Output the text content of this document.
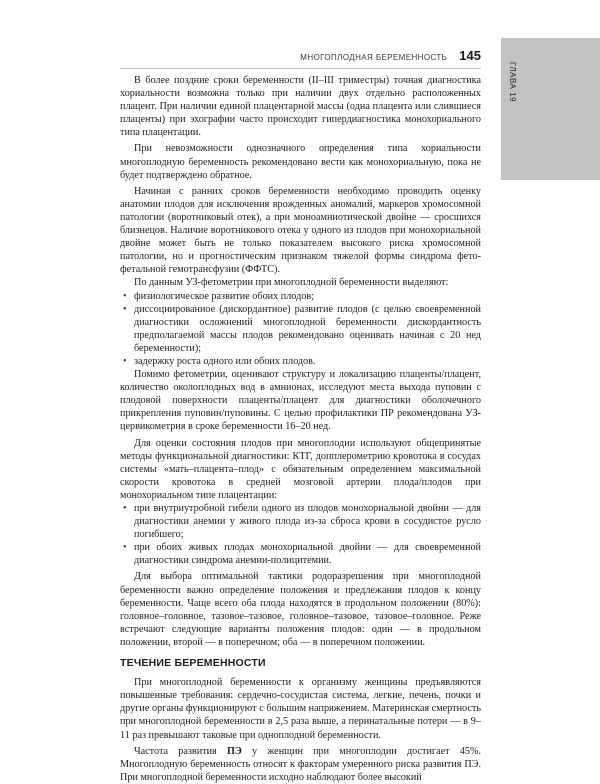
ГЛАВА 19
МНОГОПЛОДНАЯ БЕРЕМЕННОСТЬ 145

В более поздние сроки беременности (II–III триместры) точная диагностика хориальности возможна только при наличии двух отдельно расположенных плацент. При наличии единой плацентарной массы (одна плацента или слившиеся плаценты) при эхографии часто происходит гипердиагностика монохориального типа плацентации.

При невозможности однозначного определения типа хориальности многоплодную беременность рекомендовано вести как монохориальную, пока не будет подтверждено обратное.

Начиная с ранних сроков беременности необходимо проводить оценку анатомии плодов для исключения врожденных аномалий, маркеров хромосомной патологии (воротниковый отек), а при моноамниотической двойне — сросшихся близнецов. Наличие воротникового отека у одного из плодов при монохориальной двойне может быть не только показателем высокого риска хромосомной патологии, но и прогностическим признаком тяжелой формы синдрома фето-фетальной гемотрансфузии (ФФТС).

По данным УЗ-фетометрии при многоплодной беременности выделяют:

• физиологическое развитие обоих плодов;
• диссоциированное (дискордантное) развитие плодов (с целью своевременной диагностики осложнений многоплодной беременности дискордантность предполагаемой массы плодов рекомендовано оценивать начиная с 20 нед беременности);
• задержку роста одного или обоих плодов.

Помимо фетометрии, оценивают структуру и локализацию плаценты/плацент, количество околоплодных вод в амнионах, исследуют места выхода пуповин с плодовой поверхности плаценты/плацент для диагностики оболочечного прикрепления пуповин/пуповины. С целью профилактики ПР рекомендована УЗ-цервикометрия в сроке беременности 16–20 нед.

Для оценки состояния плодов при многоплодии используют общепринятые методы функциональной диагностики: КТГ, допплерометрию кровотока в сосудах системы «мать–плацента–плод» с обязательным определением максимальной скорости кровотока в средней мозговой артерии плода/плодов при монохориальном типе плацентации:

• при внутриутробной гибели одного из плодов монохориальной двойни — для диагностики анемии у живого плода из-за сброса крови в сосудистое русло погибшего;
• при обоих живых плодах монохориальной двойни — для своевременной диагностики синдрома анемии-полицитемии.

Для выбора оптимальной тактики родоразрешения при многоплодной беременности важно определение положения и предлежания плодов к концу беременности. Чаще всего оба плода находятся в продольном положении (80%): головное–головное, тазовое–тазовое, головное–тазовое, тазовое–головное. Реже встречают следующие варианты положения плодов: один — в продольном положении, второй — в поперечном; оба — в поперечном положении.

ТЕЧЕНИЕ БЕРЕМЕННОСТИ

При многоплодной беременности к организму женщины предъявляются повышенные требования: сердечно-сосудистая система, легкие, печень, почки и другие органы функционируют с большим напряжением. Материнская смертность при многоплодной беременности в 2,5 раза выше, а перинатальные потери — в 9–11 раз превышают таковые при одноплодной беременности.

Частота развития ПЭ у женщин при многоплодии достигает 45%. Многоплодную беременность относят к факторам умеренного риска развития ПЭ. При многоплодной беременности исходно наблюдают более высокий
